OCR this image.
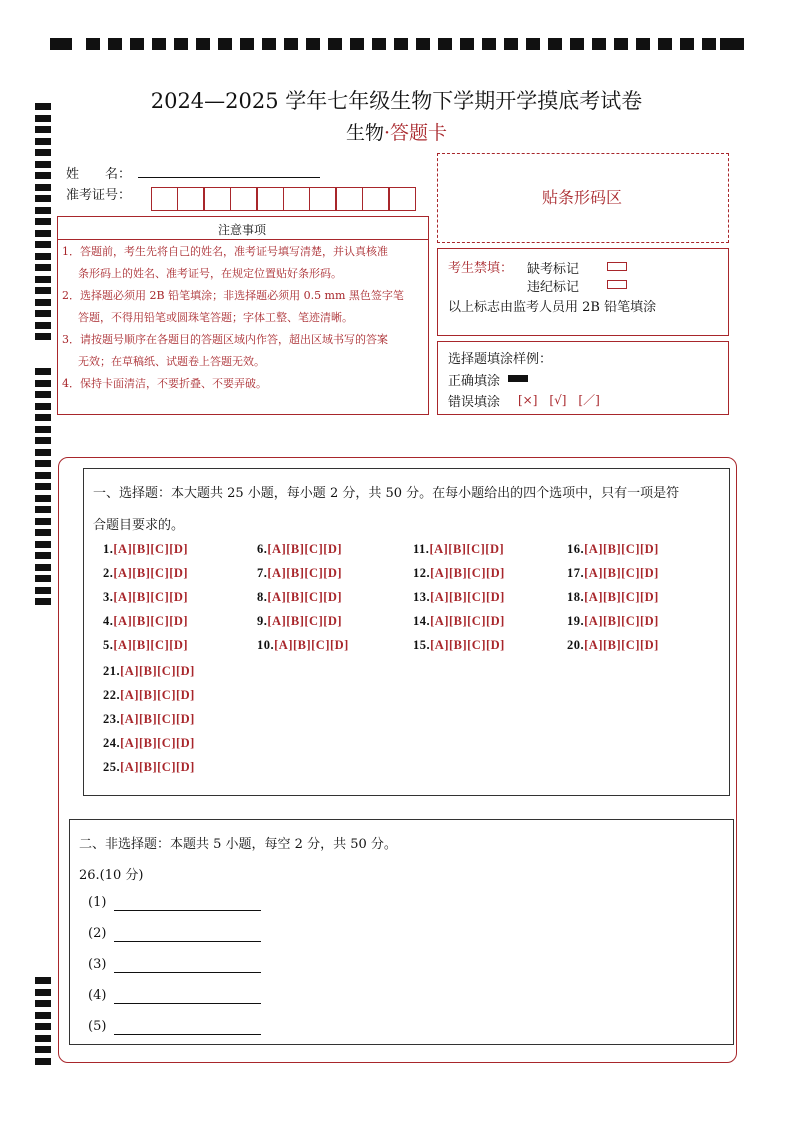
2024—2025 学年七年级生物下学期开学摸底考试卷
生物·答题卡
姓　　名：
准考证号：	贴条形码区
注意事项

1．答题前，考生先将自己的姓名，准考证号填写清楚，并认真核准

条形码上的姓名、准考证号，在规定位置贴好条形码。

2．选择题必须用 2B 铅笔填涂；非选择题必须用 0.5 mm 黑色签字笔

答题，不得用铅笔或圆珠笔答题；字体工整、笔迹清晰。

3．请按题号顺序在各题目的答题区域内作答，超出区域书写的答案

无效；在草稿纸、试题卷上答题无效。

4．保持卡面清洁，不要折叠、不要弄破。

考生禁填： 缺考标记
违纪标记
以上标志由监考人员用 2B 铅笔填涂
选择题填涂样例：
正确填涂
错误填涂 [×]　[√]　[／]
一、选择题：本大题共 25 小题，每小题 2 分，共 50 分。在每小题给出的四个选项中，只有一项是符
合题目要求的。
1.[A][B][C][D]
2.[A][B][C][D]
3.[A][B][C][D]
4.[A][B][C][D]
5.[A][B][C][D]
6.[A][B][C][D]
7.[A][B][C][D]
8.[A][B][C][D]
9.[A][B][C][D]
10.[A][B][C][D]
11.[A][B][C][D]
12.[A][B][C][D]
13.[A][B][C][D]
14.[A][B][C][D]
15.[A][B][C][D]
16.[A][B][C][D]
17.[A][B][C][D]
18.[A][B][C][D]
19.[A][B][C][D]
20.[A][B][C][D]
21.[A][B][C][D]
22.[A][B][C][D]
23.[A][B][C][D]
24.[A][B][C][D]
25.[A][B][C][D]
二、非选择题：本题共 5 小题，每空 2 分，共 50 分。
26.(10 分)
(1)
(2)
(3)
(4)
(5)
